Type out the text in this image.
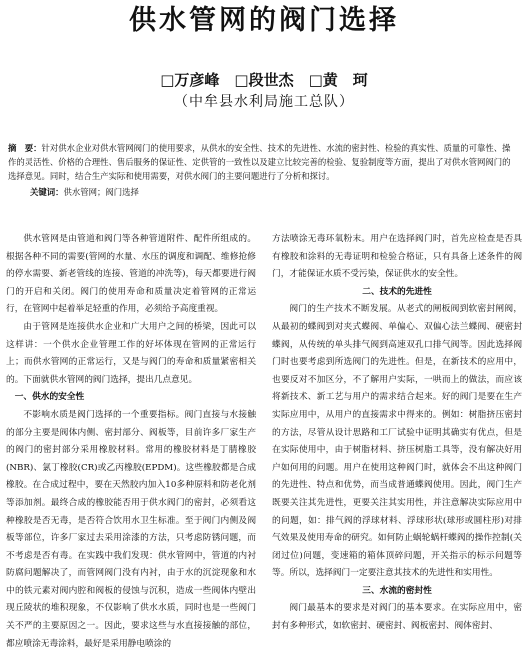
供水管网的阀门选择
□万彦峰　□段世杰　□黄　珂
（中牟县水利局施工总队）
摘　要：针对供水企业对供水管网阀门的使用要求，从供水的安全性、技术的先进性、水流的密封性、检验的真实性、质量的可靠性、操作的灵活性、价格的合理性、售后服务的保证性、定供管的一致性以及建立比较完善的检验、复验制度等方面，提出了对供水管网阀门的选择意见。同时，结合生产实际和使用需要，对供水阀门的主要问题进行了分析和探讨。
关键词：供水管网；阀门选择

供水管网是由管道和阀门等各种管道附件、配件所组成的。根据各种不同的需要(管网的水量、水压的调度和调配、维修抢修的停水需要、新老管线的连接、管道的冲洗等)，每天都要进行阀门的开启和关闭。阀门的使用寿命和质量决定着管网的正常运行，在管网中起着举足轻重的作用，必须给予高度重视。

由于管网是连接供水企业和广大用户之间的桥梁，因此可以这样讲：一个供水企业管理工作的好坏体现在管网的正常运行上；而供水管网的正常运行，又是与阀门的寿命和质量紧密相关的。下面就供水管网的阀门选择，提出几点意见。

一、供水的安全性

不影响水质是阀门选择的一个重要指标。阀门直接与水接触的部分主要是阀体内侧、密封部分、阀板等，目前许多厂家生产的阀门的密封部分采用橡胶材料。常用的橡胶材料是丁腈橡胶(NBR)、氯丁橡胶(CR)或乙丙橡胶(EPDM)。这些橡胶都是合成橡胶。在合成过程中，要在天然胶内加入10多种原料和防老化剂等添加剂。最终合成的橡胶能否用于供水阀门的密封，必须看这种橡胶是否无毒，是否符合饮用水卫生标准。至于阀门内侧及阀板等部位，许多厂家过去采用涂漆的方法，只考虑防锈问题，而不考虑是否有毒。在实践中我们发现：供水管网中，管道的内衬防腐问题解决了，而管网阀门没有内衬，由于水的沉淀现象和水中的铁元素对阀内腔和阀板的侵蚀与沉积，造成一些阀体内壁出现丘陵状的堆积现象，不仅影响了供水水质，同时也是一些阀门关不严的主要原因之一。因此，要求这些与水直接接触的部位，都应喷涂无毒涂料，最好是采用静电喷涂的

方法喷涂无毒环氧粉末。用户在选择阀门时，首先应检查是否具有橡胶和涂料的无毒证明和检验合格证，只有具备上述条件的阀门，才能保证水质不受污染，保证供水的安全性。

二、技术的先进性

阀门的生产技术不断发展。从老式的闸板阀到软密封闸阀，从最初的蝶阀到对夹式蝶阀、单偏心、双偏心法兰蝶阀、硬密封蝶阀，从传统的单头排气阀到高速双孔口排气阀等。因此选择阀门时也要考虑到所选阀门的先进性。但是，在新技术的应用中，也要反对不加区分，不了解用户实际，一哄而上的做法，而应该将新技术、新工艺与用户的需求结合起来。好的阀门是要在生产实际应用中，从用户的直接需求中得来的。例如：树脂挤压密封的方法，尽管从设计思路和工厂试验中证明其确实有优点，但是在实际使用中，由于树脂材料、挤压树脂工具等，没有解决好用户如何用的问题。用户在使用这种阀门时，就体会不出这种阀门的先进性、特点和优势，而当成普通蝶阀使用。因此，阀门生产既要关注其先进性，更要关注其实用性，并注意解决实际应用中的问题，如：排气阀的浮球材料、浮球形状(球形或圆柱形)对排气效果及使用寿命的研究。如何防止蜗轮蜗杆蝶阀的操作控制(关闭过位)问题，变速箱的箱体顶碎问题，开关指示的标示问题等等。所以，选择阀门一定要注意其技术的先进性和实用性。

三、水流的密封性

阀门最基本的要求是对阀门的基本要求。在实际应用中，密封有多种形式，如软密封、硬密封、阀板密封、阀体密封、
